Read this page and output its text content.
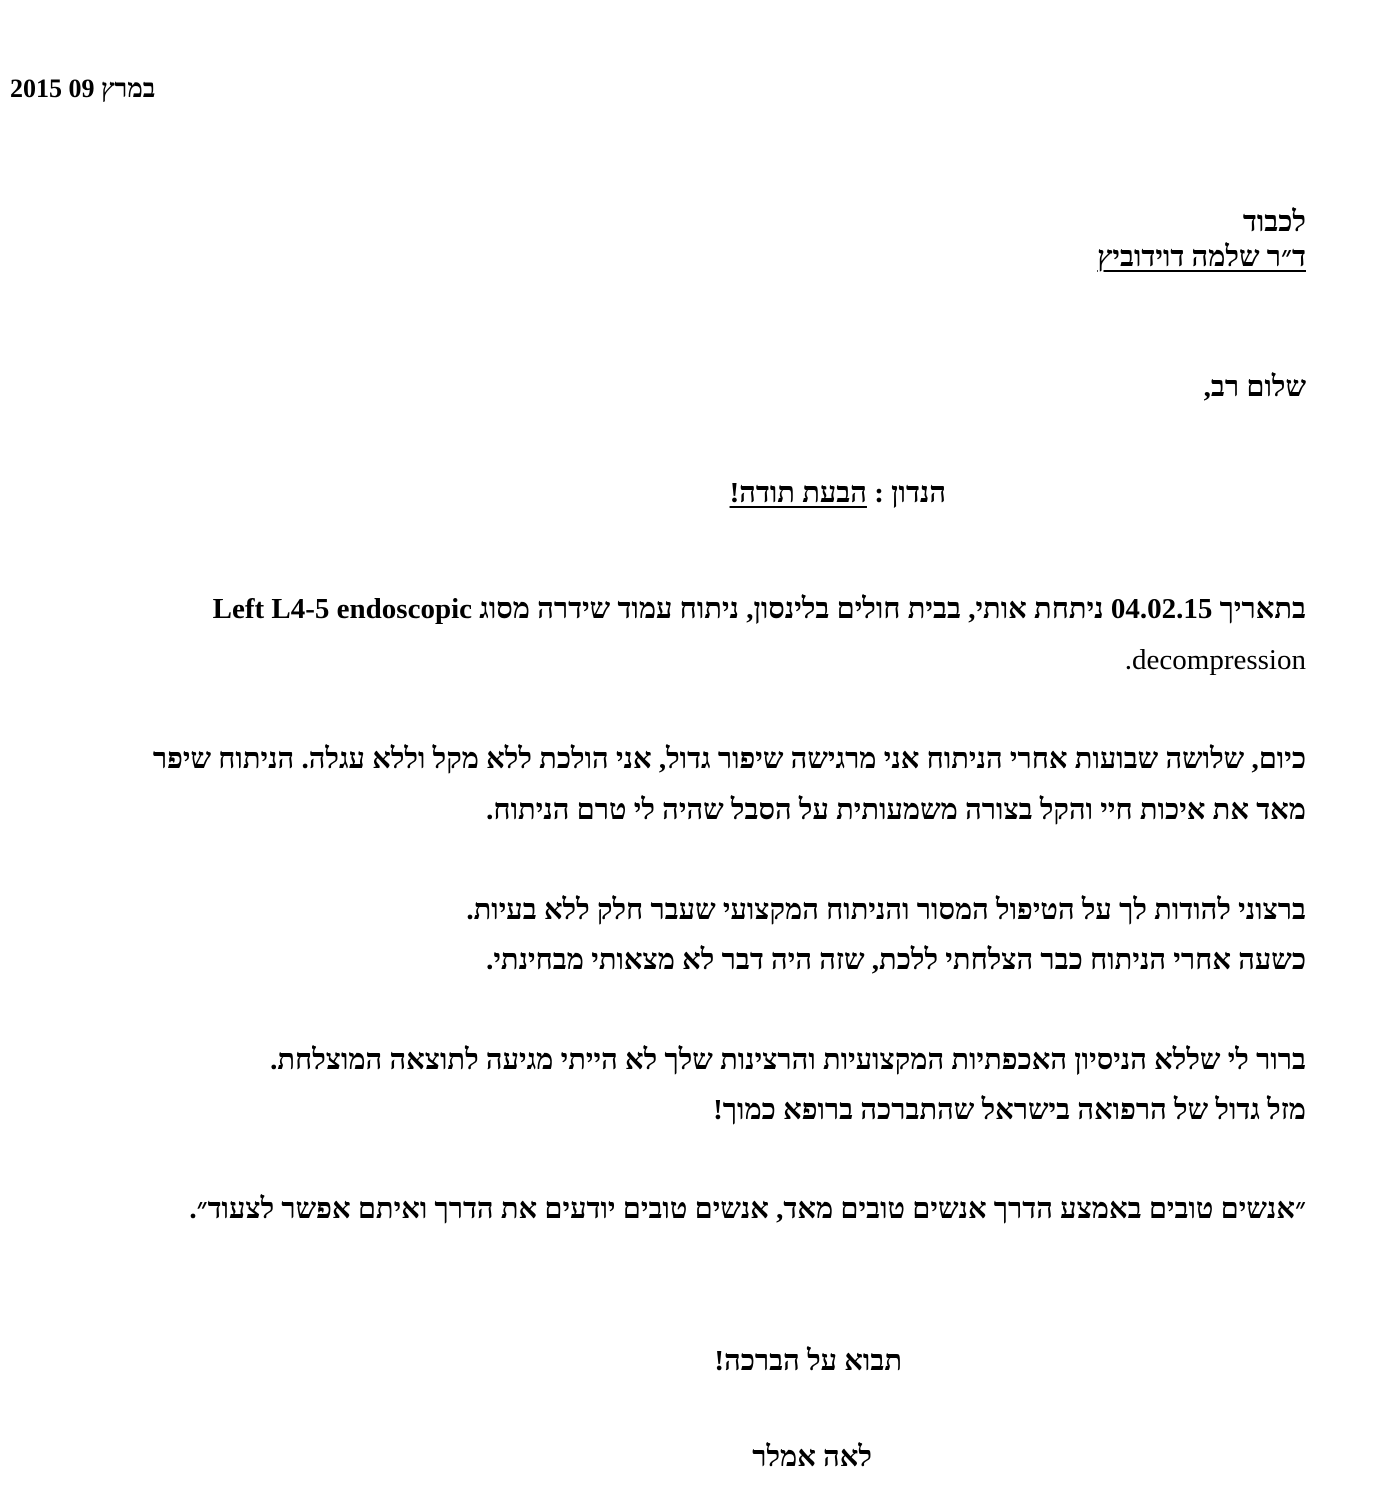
2015 09 במרץ
לכבוד
ד״ר שלמה דוידוביץ
שלום רב,
הנדון : הבעת תודה!
בתאריך 04.02.15 ניתחת אותי, בבית חולים בלינסון, ניתוח עמוד שידרה מסוג Left L4-5 endoscopic
.decompression
כיום, שלושה שבועות אחרי הניתוח אני מרגישה שיפור גדול, אני הולכת ללא מקל וללא עגלה. הניתוח שיפר
מאד את איכות חיי והקל בצורה משמעותית על הסבל שהיה לי טרם הניתוח.
ברצוני להודות לך על הטיפול המסור והניתוח המקצועי שעבר חלק ללא בעיות.
כשעה אחרי הניתוח כבר הצלחתי ללכת, שזה היה דבר לא מצאותי מבחינתי.
ברור לי שללא הניסיון האכפתיות המקצועיות והרצינות שלך לא הייתי מגיעה לתוצאה המוצלחת.
מזל גדול של הרפואה בישראל שהתברכה ברופא כמוך!
״אנשים טובים באמצע הדרך אנשים טובים מאד, אנשים טובים יודעים את הדרך ואיתם אפשר לצעוד״.
תבוא על הברכה!
לאה אמלר
